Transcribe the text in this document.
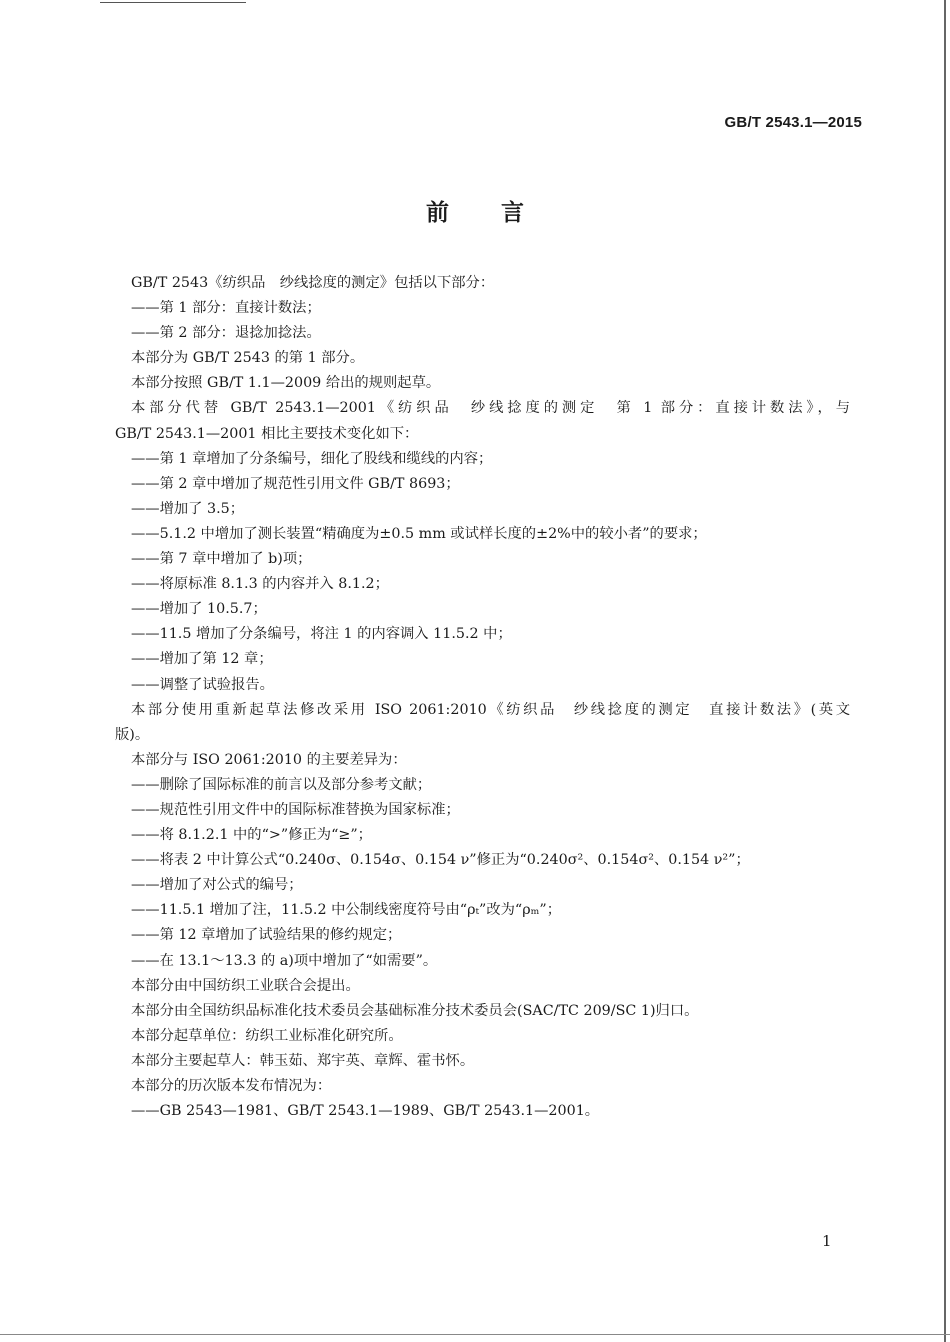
GB/T 2543.1—2015
前言
GB/T 2543《纺织品　纱线捻度的测定》包括以下部分：
——第 1 部分：直接计数法；
——第 2 部分：退捻加捻法。
本部分为 GB/T 2543 的第 1 部分。
本部分按照 GB/T 1.1—2009 给出的规则起草。
本部分代替 GB/T 2543.1—2001《纺织品　纱线捻度的测定　第 1 部分：直接计数法》，与
GB/T 2543.1—2001 相比主要技术变化如下：
——第 1 章增加了分条编号，细化了股线和缆线的内容；
——第 2 章中增加了规范性引用文件 GB/T 8693；
——增加了 3.5；
——5.1.2 中增加了测长装置“精确度为±0.5 mm 或试样长度的±2%中的较小者”的要求；
——第 7 章中增加了 b)项；
——将原标准 8.1.3 的内容并入 8.1.2；
——增加了 10.5.7；
——11.5 增加了分条编号，将注 1 的内容调入 11.5.2 中；
——增加了第 12 章；
——调整了试验报告。
本部分使用重新起草法修改采用 ISO 2061:2010《纺织品　纱线捻度的测定　直接计数法》(英文
版)。
本部分与 ISO 2061:2010 的主要差异为：
——删除了国际标准的前言以及部分参考文献；
——规范性引用文件中的国际标准替换为国家标准；
——将 8.1.2.1 中的“>”修正为“≥”；
——将表 2 中计算公式“0.240σ、0.154σ、0.154 ν”修正为“0.240σ²、0.154σ²、0.154 ν²”；
——增加了对公式的编号；
——11.5.1 增加了注，11.5.2 中公制线密度符号由“ρₜ”改为“ρₘ”；
——第 12 章增加了试验结果的修约规定；
——在 13.1～13.3 的 a)项中增加了“如需要”。
本部分由中国纺织工业联合会提出。
本部分由全国纺织品标准化技术委员会基础标准分技术委员会(SAC/TC 209/SC 1)归口。
本部分起草单位：纺织工业标准化研究所。
本部分主要起草人：韩玉茹、郑宇英、章辉、霍书怀。
本部分的历次版本发布情况为：
——GB 2543—1981、GB/T 2543.1—1989、GB/T 2543.1—2001。
1
